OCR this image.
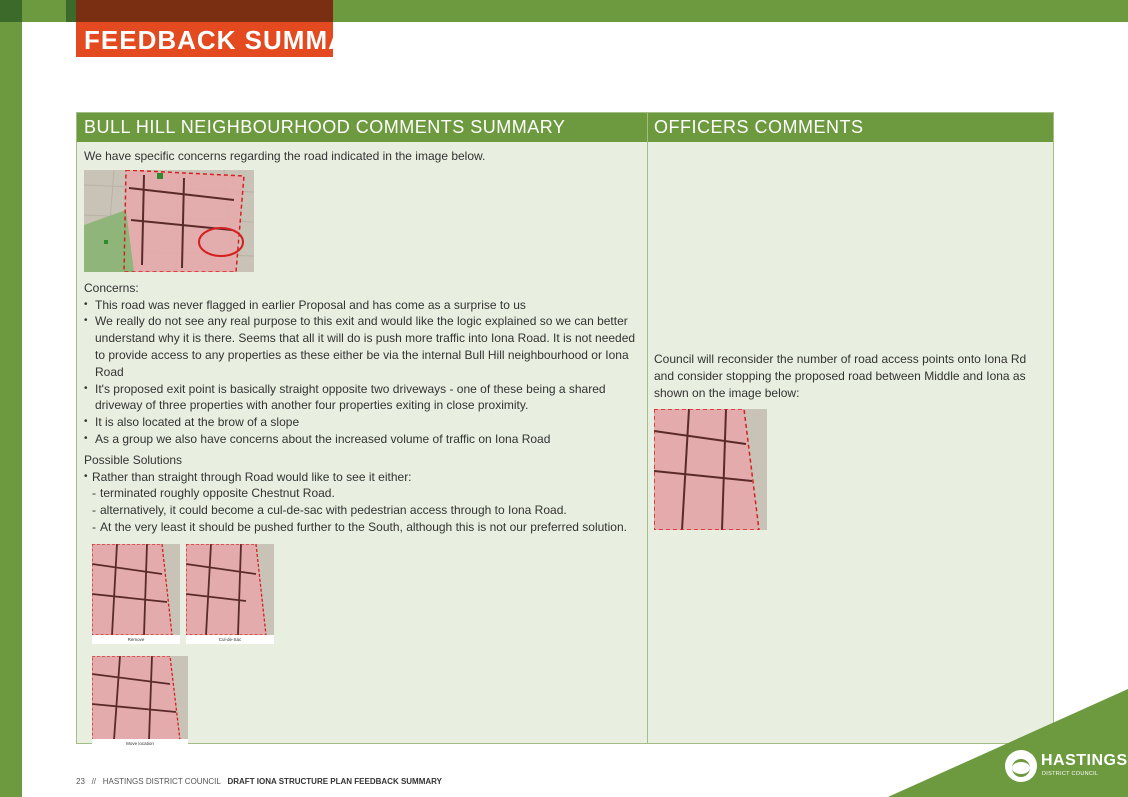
FEEDBACK SUMMARY
BULL HILL NEIGHBOURHOOD COMMENTS SUMMARY	OFFICERS COMMENTS

We have specific concerns regarding the road indicated in the image below.

Concerns:

• This road was never flagged in earlier Proposal and has come as a surprise to us
• We really do not see any real purpose to this exit and would like the logic explained so we can better understand why it is there. Seems that all it will do is push more traffic into Iona Road. It is not needed to provide access to any properties as these either be via the internal Bull Hill neighbourhood or Iona Road
• It's proposed exit point is basically straight opposite two driveways - one of these being a shared driveway of three properties with another four properties exiting in close proximity.
• It is also located at the brow of a slope
• As a group we also have concerns about the increased volume of traffic on Iona Road

Possible Solutions

• Rather than straight through Road would like to see it either:
- terminated roughly opposite Chestnut Road.
- alternatively, it could become a cul-de-sac with pedestrian access through to Iona Road.
- At the very least it should be pushed further to the South, although this is not our preferred solution.
Remove	Cul-de-Sac
Move location

Council will reconsider the number of road access points onto Iona Rd and consider stopping the proposed road between Middle and Iona as shown on the image below:

23 // HASTINGS DISTRICT COUNCIL DRAFT IONA STRUCTURE PLAN FEEDBACK SUMMARY
HASTINGS
DISTRICT COUNCIL
